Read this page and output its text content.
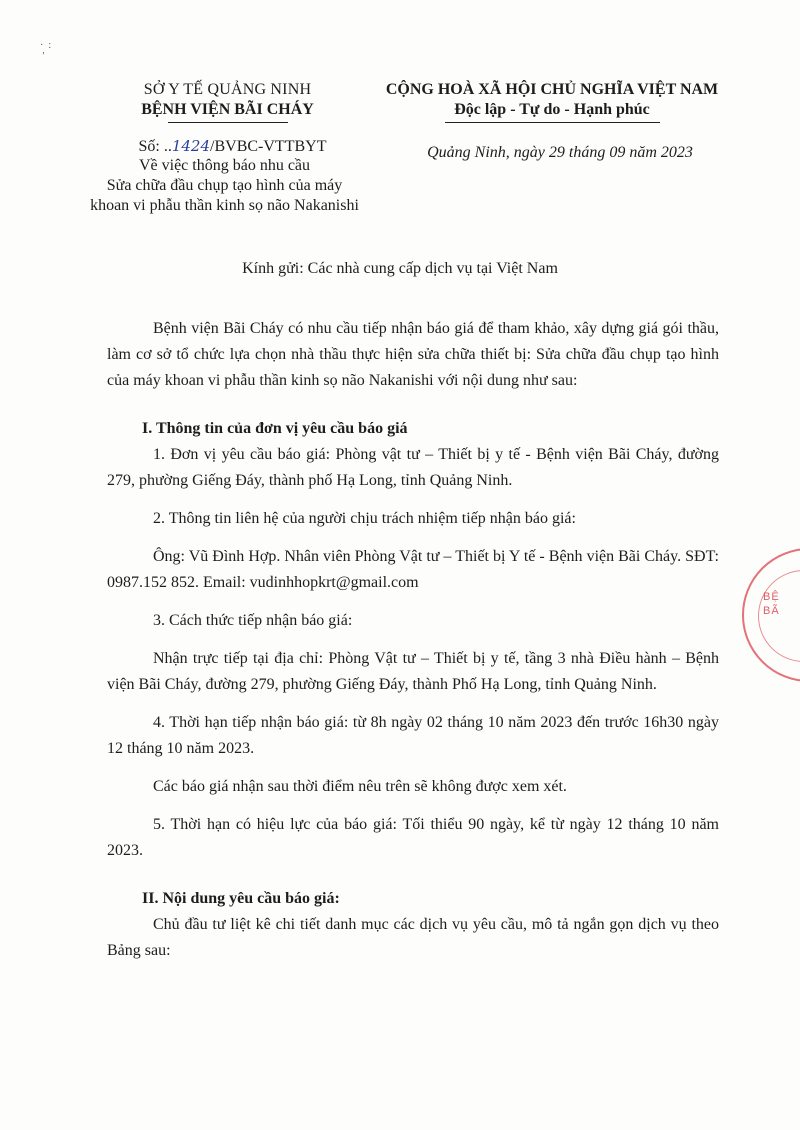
·  :
'
SỞ Y TẾ QUẢNG NINH
BỆNH VIỆN BÃI CHÁY
CỘNG HOÀ XÃ HỘI CHỦ NGHĨA VIỆT NAM
Độc lập - Tự do - Hạnh phúc
Số: ..1424/BVBC-VTTBYT
Về việc thông báo nhu cầu
Sửa chữa đầu chụp tạo hình của máy
khoan vi phẫu thần kinh sọ não Nakanishi
Quảng Ninh, ngày 29 tháng 09 năm 2023
Kính gửi: Các nhà cung cấp dịch vụ tại Việt Nam

Bệnh viện Bãi Cháy có nhu cầu tiếp nhận báo giá để tham khảo, xây dựng giá gói thầu, làm cơ sở tổ chức lựa chọn nhà thầu thực hiện sửa chữa thiết bị: Sửa chữa đầu chụp tạo hình của máy khoan vi phẫu thần kinh sọ não Nakanishi với nội dung như sau:

I. Thông tin của đơn vị yêu cầu báo giá

1. Đơn vị yêu cầu báo giá: Phòng vật tư – Thiết bị y tế - Bệnh viện Bãi Cháy, đường 279, phường Giếng Đáy, thành phố Hạ Long, tỉnh Quảng Ninh.

2. Thông tin liên hệ của người chịu trách nhiệm tiếp nhận báo giá:

Ông: Vũ Đình Hợp. Nhân viên Phòng Vật tư – Thiết bị Y tế - Bệnh viện Bãi Cháy. SĐT: 0987.152 852. Email: vudinhhopkrt@gmail.com

3. Cách thức tiếp nhận báo giá:

Nhận trực tiếp tại địa chỉ: Phòng Vật tư – Thiết bị y tế, tầng 3 nhà Điều hành – Bệnh viện Bãi Cháy, đường 279, phường Giếng Đáy, thành Phố Hạ Long, tỉnh Quảng Ninh.

4. Thời hạn tiếp nhận báo giá: từ 8h ngày 02 tháng 10 năm 2023 đến trước 16h30 ngày 12 tháng 10 năm 2023.

Các báo giá nhận sau thời điểm nêu trên sẽ không được xem xét.

5. Thời hạn có hiệu lực của báo giá: Tối thiểu 90 ngày, kể từ ngày 12 tháng 10 năm 2023.

II. Nội dung yêu cầu báo giá:

Chủ đầu tư liệt kê chi tiết danh mục các dịch vụ yêu cầu, mô tả ngắn gọn dịch vụ theo Bảng sau:

BỆ
BÃ
